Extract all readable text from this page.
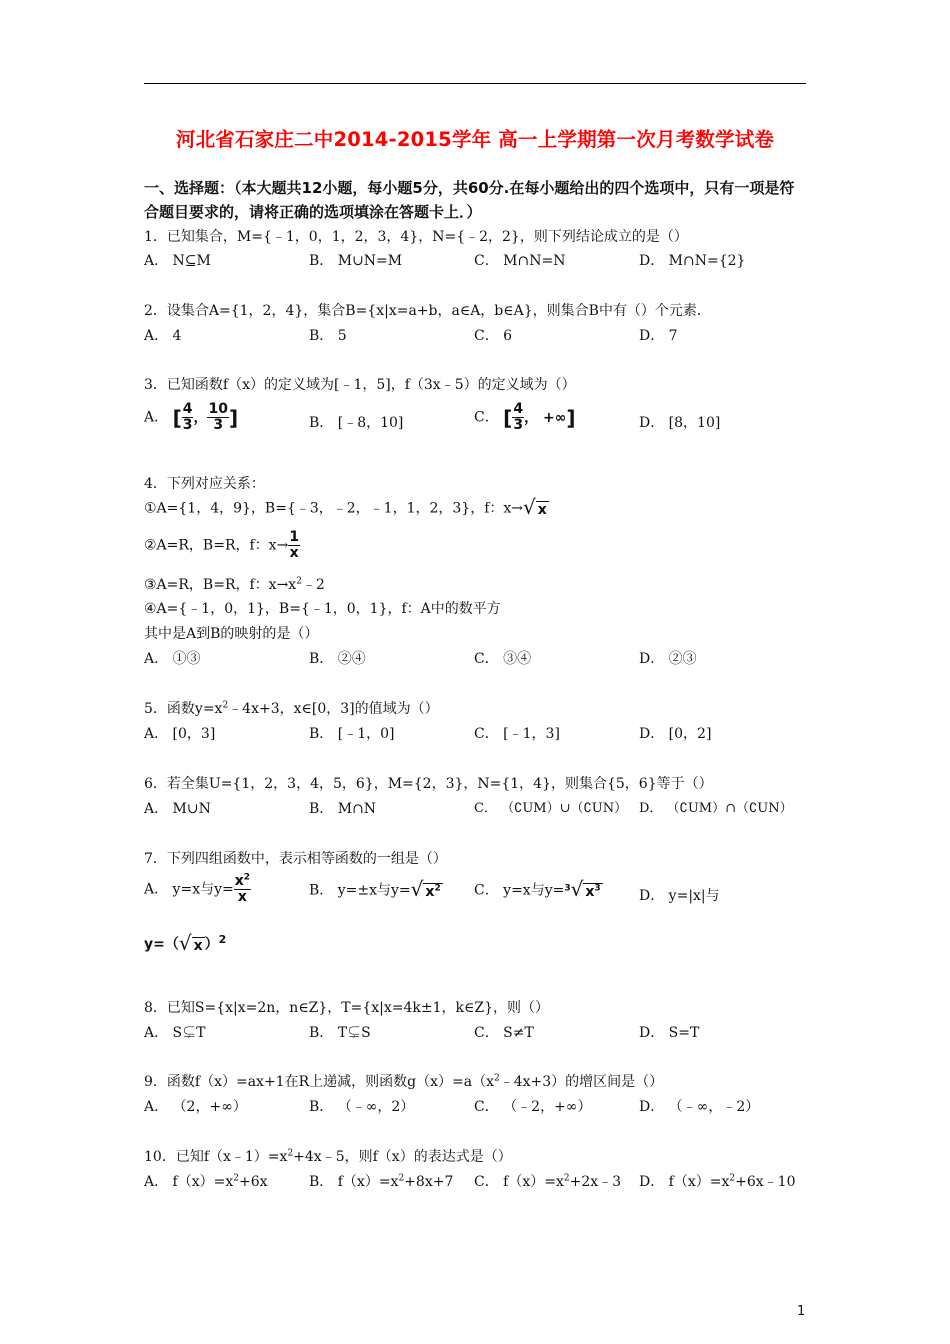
河北省石家庄二中2014-2015学年 高一上学期第一次月考数学试卷
一、选择题：（本大题共12小题，每小题5分，共60分.在每小题给出的四个选项中，只有一项是符合题目要求的，请将正确的选项填涂在答题卡上．）
1．已知集合，M={﹣1，0，1，2，3，4}，N={﹣2，2}，则下列结论成立的是（）
A． N⊆M	B． M∪N=M	C． M∩N=N	D． M∩N={2}
2．设集合A={1，2，4}，集合B={x|x=a+b，a∈A，b∈A}，则集合B中有（）个元素．
A． 4	B． 5	C． 6	D． 7
3．已知函数f（x）的定义域为[﹣1，5]，f（3x﹣5）的定义域为（）
A． [ $\frac{4}{3}$ ， $\frac{10}{3}$ ]	B． [﹣8，10]	C． [ $\frac{4}{3}$ ， +∞]	D． [8，10]
4．下列对应关系：
①A={1，4，9}，B={﹣3，﹣2，﹣1，1，2，3}，f：x→√ x
②A=R，B=R，f：$x\to \frac{1}{x}$
③A=R，B=R，f：$x\to x^2﹣2$
④A={﹣1，0，1}，B={﹣1，0，1}，f：A中的数平方
其中是A到B的映射的是（）
A． ①③	B． ②④	C． ③④	D． ②③
5．函数$y=x^2﹣4x+3$，x∈[0，3]的值域为（）
A． [0，3]	B． [﹣1，0]	C． [﹣1，3]	D． [0，2]
6．若全集U={1，2，3，4，5，6}，M={2，3}，N={1，4}，则集合{5，6}等于（）
A． M∪N	B． M∩N	C． （∁UM）∪（∁UN） D． （∁UM）∩（∁UN）
7．下列四组函数中，表示相等函数的一组是（）
A． y=x与$y= \frac{x^2}{x}$	B． y=±x与y=√ $x^2$ C． y=x与y=$^3$√ $x^3$	D． y=|x|与
y=（√ x ）$^2$
8．已知S={x|x=2n，n∈Z}，T={x|x=4k±1，k∈Z}，则（）
A． S⊊T	B． T⊊S	C． S≠T	D． S=T
9．函数f（x）=ax+1在R上递减，则函数$g(x)=a(x^2﹣4x+3)$的增区间是（）
A． （2，+∞）	B． （﹣∞，2）	C． （﹣2，+∞）	D． （﹣∞，﹣2）
10．已知$f(x﹣1)=x^2+4x﹣5$，则f（x）的表达式是（）
A． $f(x)=x^2+6x$	B． $f(x)=x^2+8x+7$ C． $f(x)=x^2+2x﹣3$ D． $f(x)=x^2+6x﹣10$
1
